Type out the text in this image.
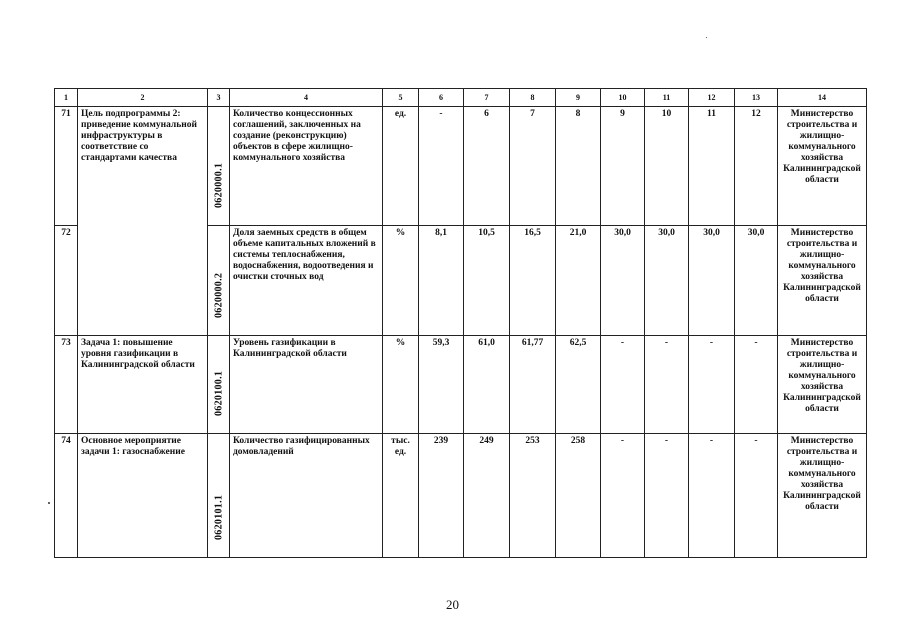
1	2	3	4	5	6	7	8	9	10	11	12	13	14
71	Цель подпрограммы 2: приведение коммунальной инфраструктуры в соответствие со стандартами качества	0620000.1	Количество концессионных соглашений, заключенных на создание (реконструкцию) объектов в сфере жилищно-коммунального хозяйства	ед.	-	6	7	8	9	10	11	12	Министерство строительства и жилищно-коммунального хозяйства Калининградской области
72		0620000.2	Доля заемных средств в общем объеме капитальных вложений в системы теплоснабжения, водоснабжения, водоотведения и очистки сточных вод	%	8,1	10,5	16,5	21,0	30,0	30,0	30,0	30,0	Министерство строительства и жилищно-коммунального хозяйства Калининградской области
73	Задача 1: повышение уровня газификации в Калининградской области	0620100.1	Уровень газификации в Калининградской области	%	59,3	61,0	61,77	62,5	-	-	-	-	Министерство строительства и жилищно-коммунального хозяйства Калининградской области
74	Основное мероприятие задачи 1: газоснабжение	0620101.1	Количество газифицированных домовладений	тыс. ед.	239	249	253	258	-	-	-	-	Министерство строительства и жилищно-коммунального хозяйства Калининградской области
20
